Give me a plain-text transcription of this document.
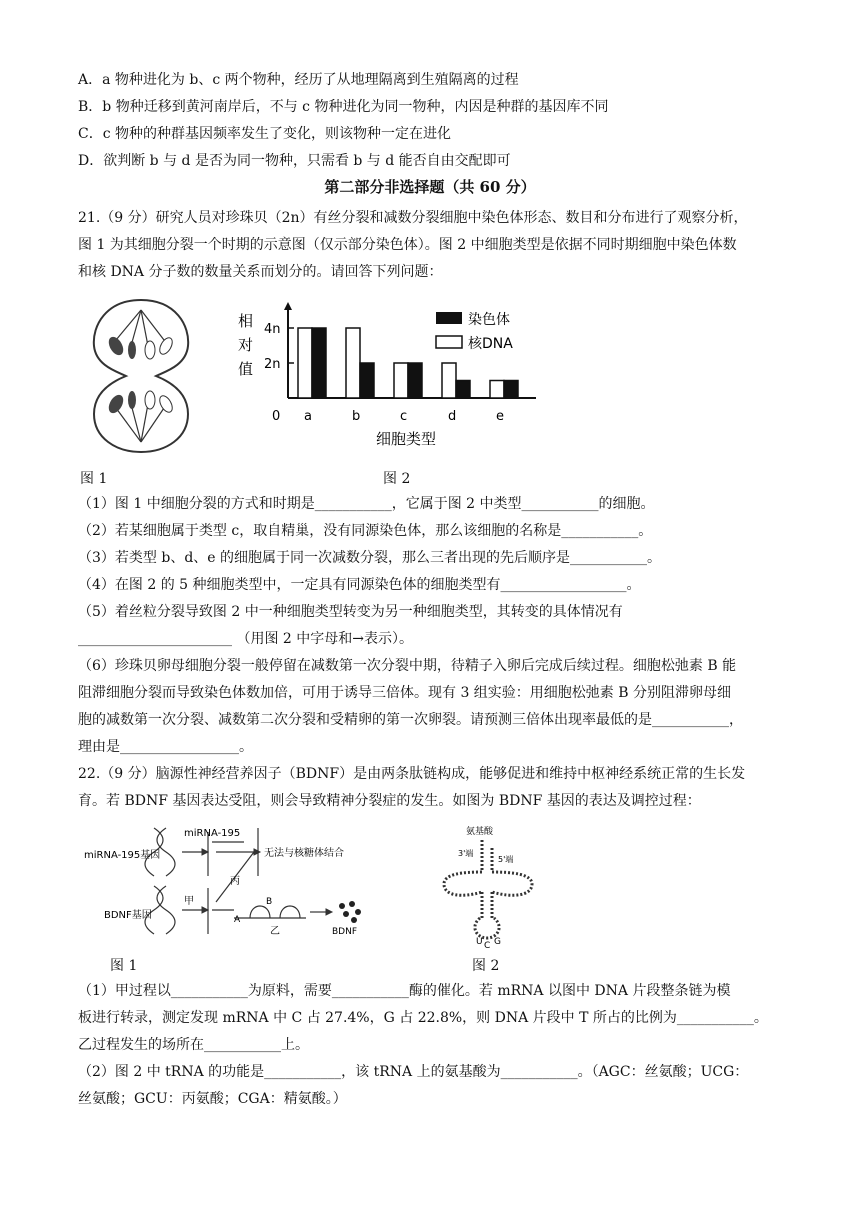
A．a 物种进化为 b、c 两个物种，经历了从地理隔离到生殖隔离的过程
B．b 物种迁移到黄河南岸后，不与 c 物种进化为同一物种，内因是种群的基因库不同
C．c 物种的种群基因频率发生了变化，则该物种一定在进化
D．欲判断 b 与 d 是否为同一物种，只需看 b 与 d 能否自由交配即可
第二部分非选择题（共 60 分）
21.（9 分）研究人员对珍珠贝（2n）有丝分裂和减数分裂细胞中染色体形态、数目和分布进行了观察分析，
图 1 为其细胞分裂一个时期的示意图（仅示部分染色体）。图 2 中细胞类型是依据不同时期细胞中染色体数
和核 DNA 分子数的数量关系而划分的。请回答下列问题：
相
对
值 2n
4n
0 a	b	c	d	e
细胞类型
染色体
核DNA
图 1	图 2
（1）图 1 中细胞分裂的方式和时期是___________，它属于图 2 中类型___________的细胞。
（2）若某细胞属于类型 c，取自精巢，没有同源染色体，那么该细胞的名称是___________。
（3）若类型 b、d、e 的细胞属于同一次减数分裂，那么三者出现的先后顺序是___________。
（4）在图 2 的 5 种细胞类型中，一定具有同源染色体的细胞类型有__________________。
（5）着丝粒分裂导致图 2 中一种细胞类型转变为另一种细胞类型，其转变的具体情况有
______________________ （用图 2 中字母和→表示）。
（6）珍珠贝卵母细胞分裂一般停留在减数第一次分裂中期，待精子入卵后完成后续过程。细胞松弛素 B 能
阻滞细胞分裂而导致染色体数加倍，可用于诱导三倍体。现有 3 组实验：用细胞松弛素 B 分别阻滞卵母细
胞的减数第一次分裂、减数第二次分裂和受精卵的第一次卵裂。请预测三倍体出现率最低的是___________，
理由是_________________。
22.（9 分）脑源性神经营养因子（BDNF）是由两条肽链构成，能够促进和维持中枢神经系统正常的生长发
育。若 BDNF 基因表达受阻，则会导致精神分裂症的发生。如图为 BDNF 基因的表达及调控过程：
miRNA-195基因
miRNA-195
无法与核糖体结合
丙
甲
BDNF基因	A
B
乙	BDNF
氨基酸
3'端
5'端
U C G
图 1	图 2
（1）甲过程以___________为原料，需要___________酶的催化。若 mRNA 以图中 DNA 片段整条链为模
板进行转录，测定发现 mRNA 中 C 占 27.4%，G 占 22.8%，则 DNA 片段中 T 所占的比例为___________。
乙过程发生的场所在___________上。
（2）图 2 中 tRNA 的功能是___________，该 tRNA 上的氨基酸为___________。（AGC：丝氨酸；UCG：
丝氨酸；GCU：丙氨酸；CGA：精氨酸。）
